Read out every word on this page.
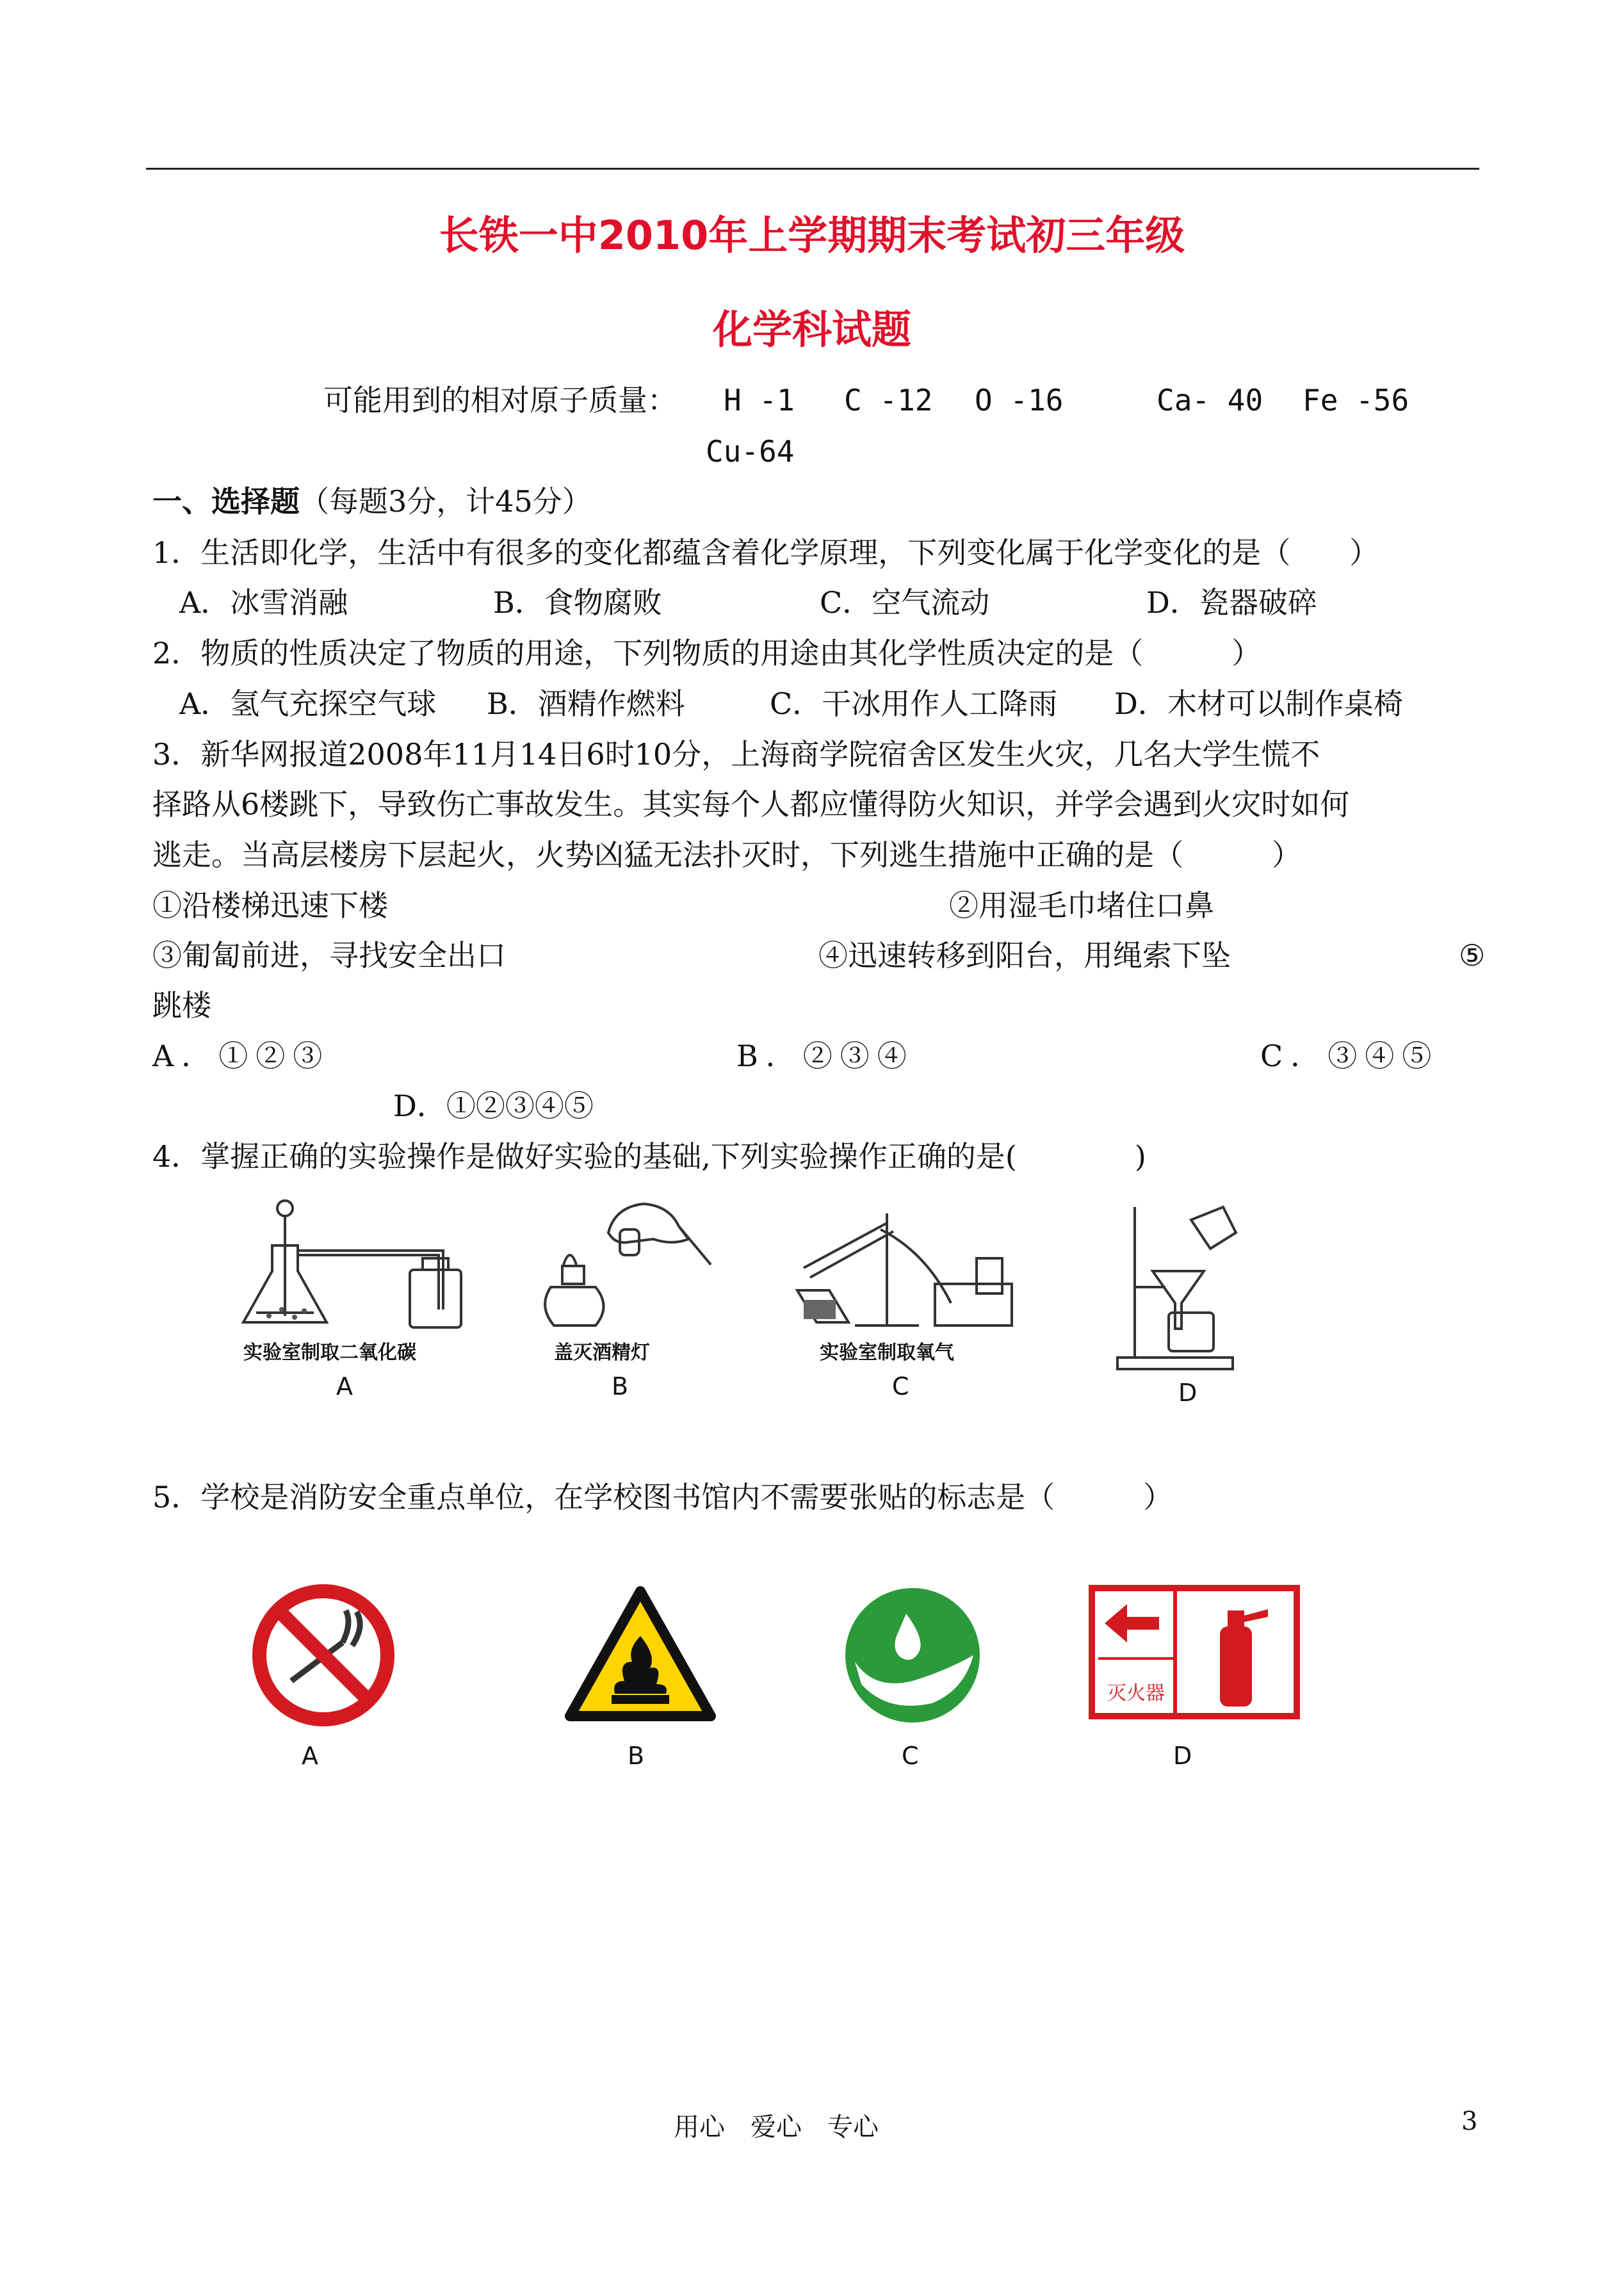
长铁一中2010年上学期期末考试初三年级
化学科试题
可能用到的相对原子质量： H -1 C -12 O -16	Ca- 40 Fe -56
Cu-64
一、选择题（每题3分，计45分）
1．生活即化学，生活中有很多的变化都蕴含着化学原理，下列变化属于化学变化的是（　　）
A．冰雪消融	B．食物腐败	C．空气流动	D．瓷器破碎
2．物质的性质决定了物质的用途，下列物质的用途由其化学性质决定的是（　　　）
A．氢气充探空气球 B．酒精作燃料	C．干冰用作人工降雨 D．木材可以制作桌椅
3．新华网报道2008年11月14日6时10分，上海商学院宿舍区发生火灾，几名大学生慌不
择路从6楼跳下，导致伤亡事故发生。其实每个人都应懂得防火知识，并学会遇到火灾时如何
逃走。当高层楼房下层起火，火势凶猛无法扑灭时，下列逃生措施中正确的是（　　　）
①沿楼梯迅速下楼	②用湿毛巾堵住口鼻
③匍匐前进，寻找安全出口	④迅速转移到阳台，用绳索下坠	⑤
跳楼
A．①②③	B．②③④	C．③④⑤
D．①②③④⑤
4．掌握正确的实验操作是做好实验的基础,下列实验操作正确的是(　　　　)
实验室制取二氧化碳
A
盖灭酒精灯
B
实验室制取氧气
C	D
5．学校是消防安全重点单位，在学校图书馆内不需要张贴的标志是（　　　）
A	B	C
灭火器
D
用心　爱心　专心	3
